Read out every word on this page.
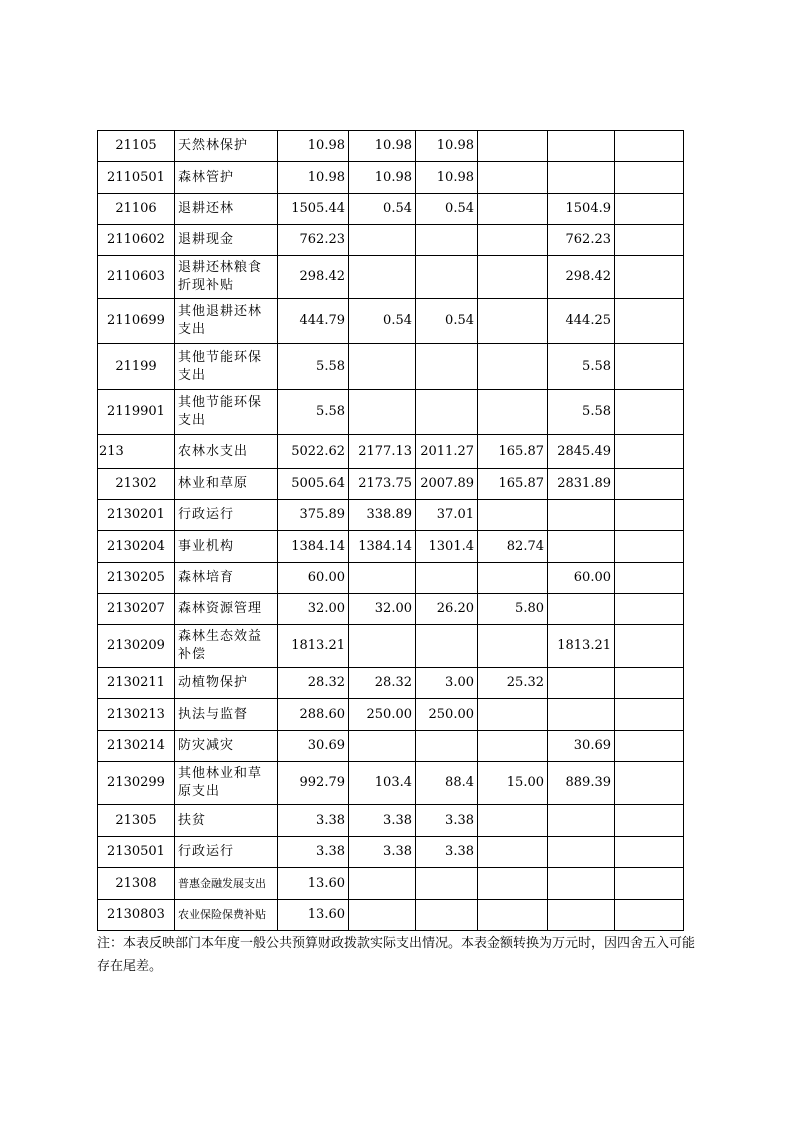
21105	天然林保护	10.98	10.98	10.98			
2110501	森林管护	10.98	10.98	10.98			
21106	退耕还林	1505.44	0.54	0.54		1504.9	
2110602	退耕现金	762.23				762.23	
2110603	退耕还林粮食折现补贴	298.42				298.42	
2110699	其他退耕还林支出	444.79	0.54	0.54		444.25	
21199	其他节能环保支出	5.58				5.58	
2119901	其他节能环保支出	5.58				5.58	
213	农林水支出	5022.62	2177.13	2011.27	165.87	2845.49	
21302	林业和草原	5005.64	2173.75	2007.89	165.87	2831.89	
2130201	行政运行	375.89	338.89	37.01			
2130204	事业机构	1384.14	1384.14	1301.4	82.74		
2130205	森林培育	60.00				60.00	
2130207	森林资源管理	32.00	32.00	26.20	5.80		
2130209	森林生态效益补偿	1813.21				1813.21	
2130211	动植物保护	28.32	28.32	3.00	25.32		
2130213	执法与监督	288.60	250.00	250.00			
2130214	防灾减灾	30.69				30.69	
2130299	其他林业和草原支出	992.79	103.4	88.4	15.00	889.39	
21305	扶贫	3.38	3.38	3.38			
2130501	行政运行	3.38	3.38	3.38			
21308	普惠金融发展支出	13.60					
2130803	农业保险保费补贴	13.60					

注：本表反映部门本年度一般公共预算财政拨款实际支出情况。本表金额转换为万元时，因四舍五入可能存在尾差。
